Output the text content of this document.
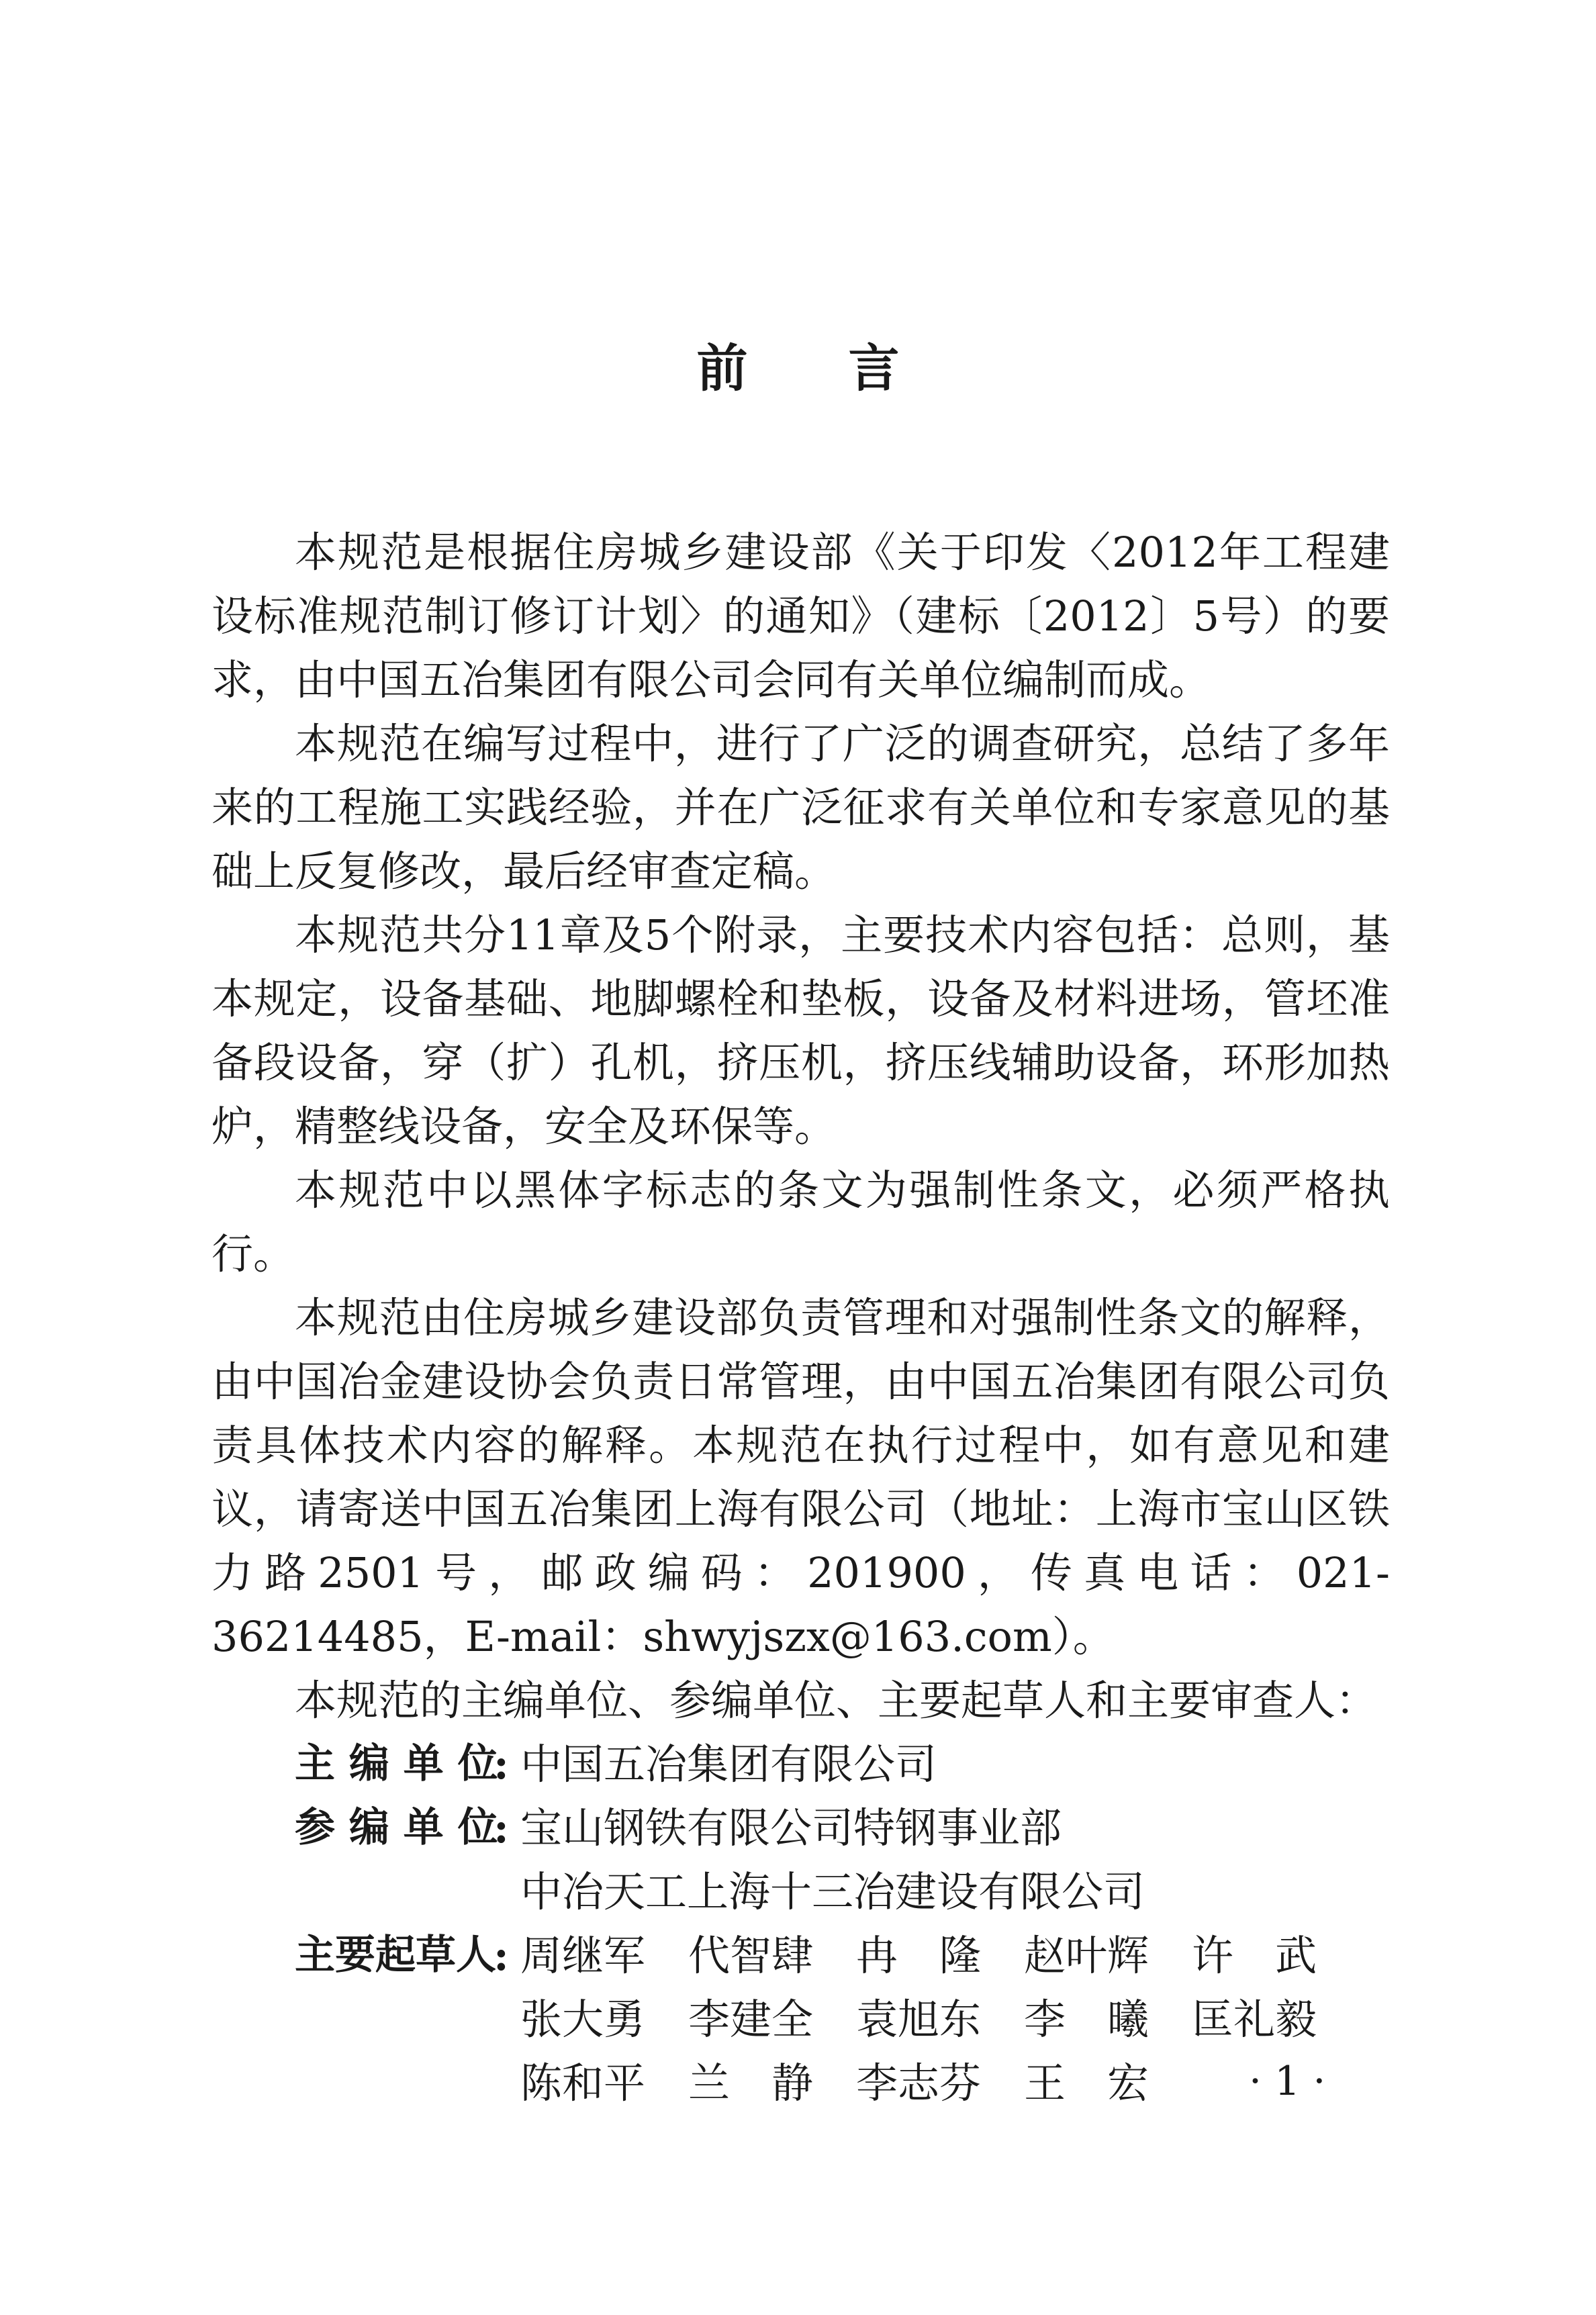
前 言

本规范是根据住房城乡建设部《关于印发〈2012年工程建设标准规范制订修订计划〉的通知》（建标〔2012〕5号）的要求，由中国五冶集团有限公司会同有关单位编制而成。

本规范在编写过程中，进行了广泛的调查研究，总结了多年来的工程施工实践经验，并在广泛征求有关单位和专家意见的基础上反复修改，最后经审查定稿。

本规范共分11章及5个附录，主要技术内容包括：总则，基本规定，设备基础、地脚螺栓和垫板，设备及材料进场，管坯准备段设备，穿（扩）孔机，挤压机，挤压线辅助设备，环形加热炉，精整线设备，安全及环保等。

本规范中以黑体字标志的条文为强制性条文，必须严格执行。

本规范由住房城乡建设部负责管理和对强制性条文的解释，由中国冶金建设协会负责日常管理，由中国五冶集团有限公司负责具体技术内容的解释。本规范在执行过程中，如有意见和建议，请寄送中国五冶集团上海有限公司（地址：上海市宝山区铁力路2501号，邮政编码：201900，传真电话：021-36214485，E-mail：shwyjszx@163.com）。

本规范的主编单位、参编单位、主要起草人和主要审查人：

主 编 单 位
: 中国五冶集团有限公司
参 编 单 位
: 宝山钢铁有限公司特钢事业部
中冶天工上海十三冶建设有限公司
主要起草人
: 周继军 代智肆 冉　隆 赵叶辉 许　武
张大勇 李建全 袁旭东 李　曦 匡礼毅
陈和平 兰　静 李志芬 王　宏 · 1 ·
